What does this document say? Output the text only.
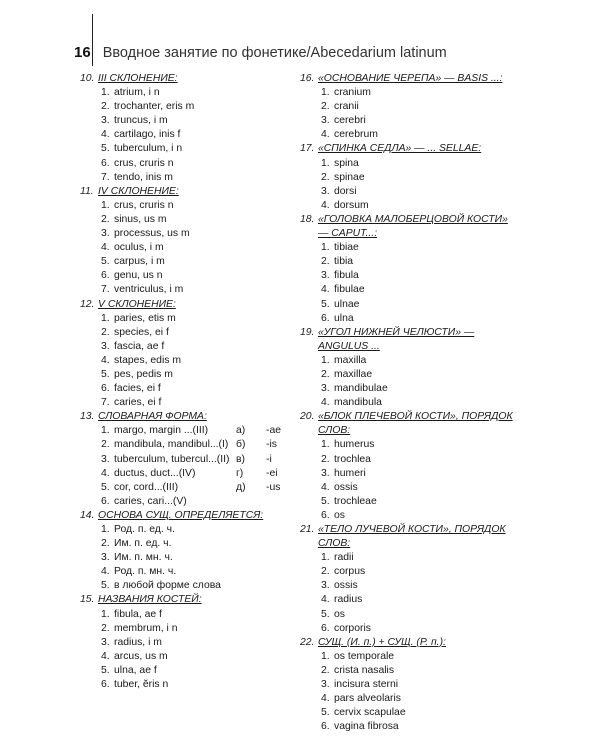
16 Вводное занятие по фонетике/Abecedarium latinum
10. III СКЛОНЕНИЕ:
1. atrium, i n
2. trochanter, eris m
3. truncus, i m
4. cartilago, inis f
5. tuberculum, i n
6. crus, cruris n
7. tendo, inis m
11. IV СКЛОНЕНИЕ:
1. crus, cruris n
2. sinus, us m
3. processus, us m
4. oculus, i m
5. carpus, i m
6. genu, us n
7. ventriculus, i m
12. V СКЛОНЕНИЕ:
1. paries, etis m
2. species, ei f
3. fascia, ae f
4. stapes, edis m
5. pes, pedis m
6. facies, ei f
7. caries, ei f
13. СЛОВАРНАЯ ФОРМА:
1. margo, margin ...(III)	а)	-ae
2. mandibula, mandibul...(I) б)	-is
3. tuberculum, tubercul...(II) в)	-i
4. ductus, duct...(IV)	г)	-ei
5. cor, cord...(III)	д)	-us
6. caries, cari...(V)
14. ОСНОВА СУЩ. ОПРЕДЕЛЯЕТСЯ:
1. Род. п. ед. ч.
2. Им. п. ед. ч.
3. Им. п. мн. ч.
4. Род. п. мн. ч.
5. в любой форме слова
15. НАЗВАНИЯ КОСТЕЙ:
1. fibula, ae f
2. membrum, i n
3. radius, i m
4. arcus, us m
5. ulna, ae f
6. tuber, ĕris n
16. «ОСНОВАНИЕ ЧЕРЕПА» — BASIS ...:
1. cranium
2. cranii
3. cerebri
4. cerebrum
17. «СПИНКА СЕДЛА» — ... SELLAE:
1. spina
2. spinae
3. dorsi
4. dorsum
18. «ГОЛОВКА МАЛОБЕРЦОВОЙ КОСТИ» — CAPUT...:
1. tibiae
2. tibia
3. fibula
4. fibulae
5. ulnae
6. ulna
19. «УГОЛ НИЖНЕЙ ЧЕЛЮСТИ» — ANGULUS ...
1. maxilla
2. maxillae
3. mandibulae
4. mandibula
20. «БЛОК ПЛЕЧЕВОЙ КОСТИ», ПОРЯДОК СЛОВ:
1. humerus
2. trochlea
3. humeri
4. ossis
5. trochleae
6. os
21. «ТЕЛО ЛУЧЕВОЙ КОСТИ», ПОРЯДОК СЛОВ:
1. radii
2. corpus
3. ossis
4. radius
5. os
6. corporis
22. СУЩ. (И. п.) + СУЩ. (Р. п.):
1. os temporale
2. crista nasalis
3. incisura sterni
4. pars alveolaris
5. cervix scapulae
6. vagina fibrosa
